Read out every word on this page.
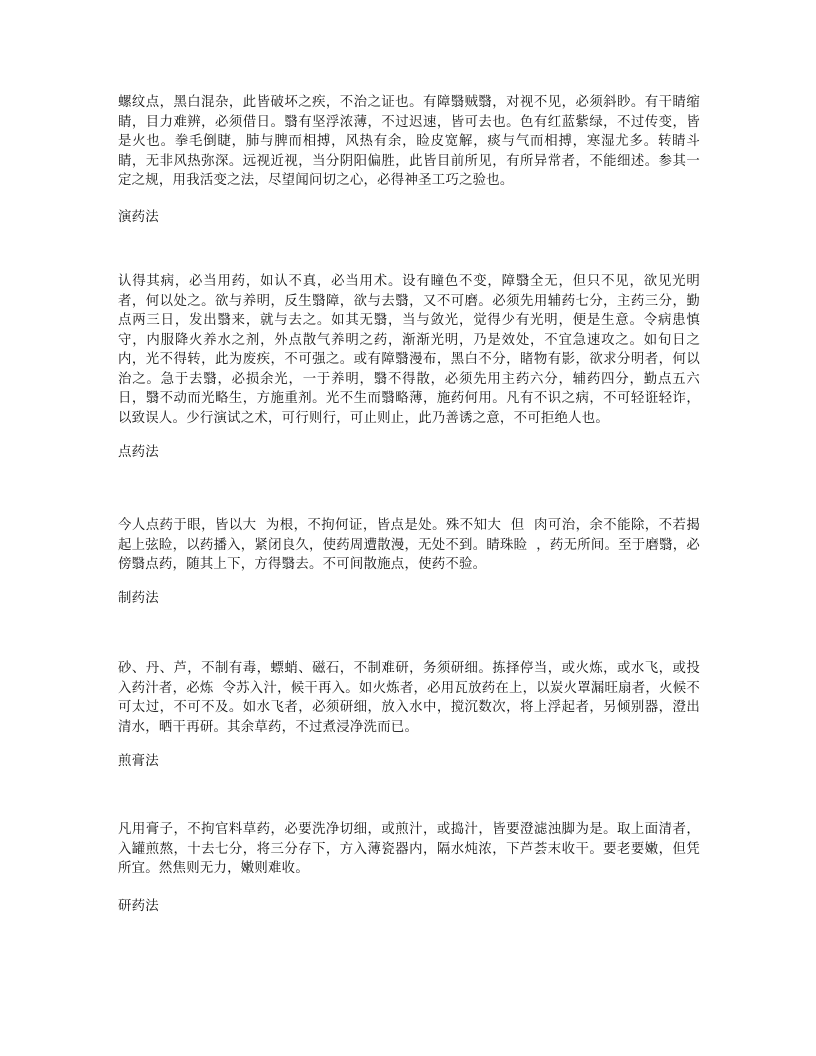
螺纹点，黑白混杂，此皆破坏之疾，不治之证也。有障翳贼翳，对视不见，必须斜眇。有干睛缩睛，目力难辨，必须借日。翳有坚浮浓薄，不过迟速，皆可去也。色有红蓝紫绿，不过传变，皆是火也。拳毛倒睫，肺与脾而相搏，风热有余，睑皮宽解，痰与气而相搏，寒湿尤多。转睛斗睛，无非风热弥深。远视近视，当分阴阳偏胜，此皆目前所见，有所异常者，不能细述。参其一定之规，用我活变之法，尽望闻问切之心，必得神圣工巧之验也。

演药法

认得其病，必当用药，如认不真，必当用术。设有瞳色不变，障翳全无，但只不见，欲见光明者，何以处之。欲与养明，反生翳障，欲与去翳，又不可磨。必须先用辅药七分，主药三分，勤点两三日，发出翳来，就与去之。如其无翳，当与敛光，觉得少有光明，便是生意。令病患慎守，内服降火养水之剂，外点散气养明之药，渐渐光明，乃是效处，不宜急速攻之。如旬日之内，光不得转，此为废疾，不可强之。或有障翳漫布，黑白不分，睹物有影，欲求分明者，何以治之。急于去翳，必损余光，一于养明，翳不得散，必须先用主药六分，辅药四分，勤点五六日，翳不动而光略生，方施重剂。光不生而翳略薄，施药何用。凡有不识之病，不可轻诳轻诈，以致误人。少行演试之术，可行则行，可止则止，此乃善诱之意，不可拒绝人也。

点药法

今人点药于眼，皆以大  为根，不拘何证，皆点是处。殊不知大  但  肉可治，余不能除，不若揭起上弦睑，以药播入，紧闭良久，使药周遭散漫，无处不到。睛珠睑  ，药无所间。至于磨翳，必傍翳点药，随其上下，方得翳去。不可间散施点，使药不验。

制药法

砂、丹、芦，不制有毒，螵蛸、磁石，不制难研，务须研细。拣择停当，或火炼，或水飞，或投入药汁者，必炼  令苏入汁，候干再入。如火炼者，必用瓦放药在上，以炭火罩漏旺扇者，火候不可太过，不可不及。如水飞者，必须研细，放入水中，搅沉数次，将上浮起者，另倾别器，澄出清水，晒干再研。其余草药，不过煮浸净洗而已。

煎膏法

凡用膏子，不拘官料草药，必要洗净切细，或煎汁，或捣汁，皆要澄滤浊脚为是。取上面清者，入罐煎熬，十去七分，将三分存下，方入薄瓷器内，隔水炖浓，下芦荟末收干。要老要嫩，但凭所宜。然焦则无力，嫩则难收。

研药法
